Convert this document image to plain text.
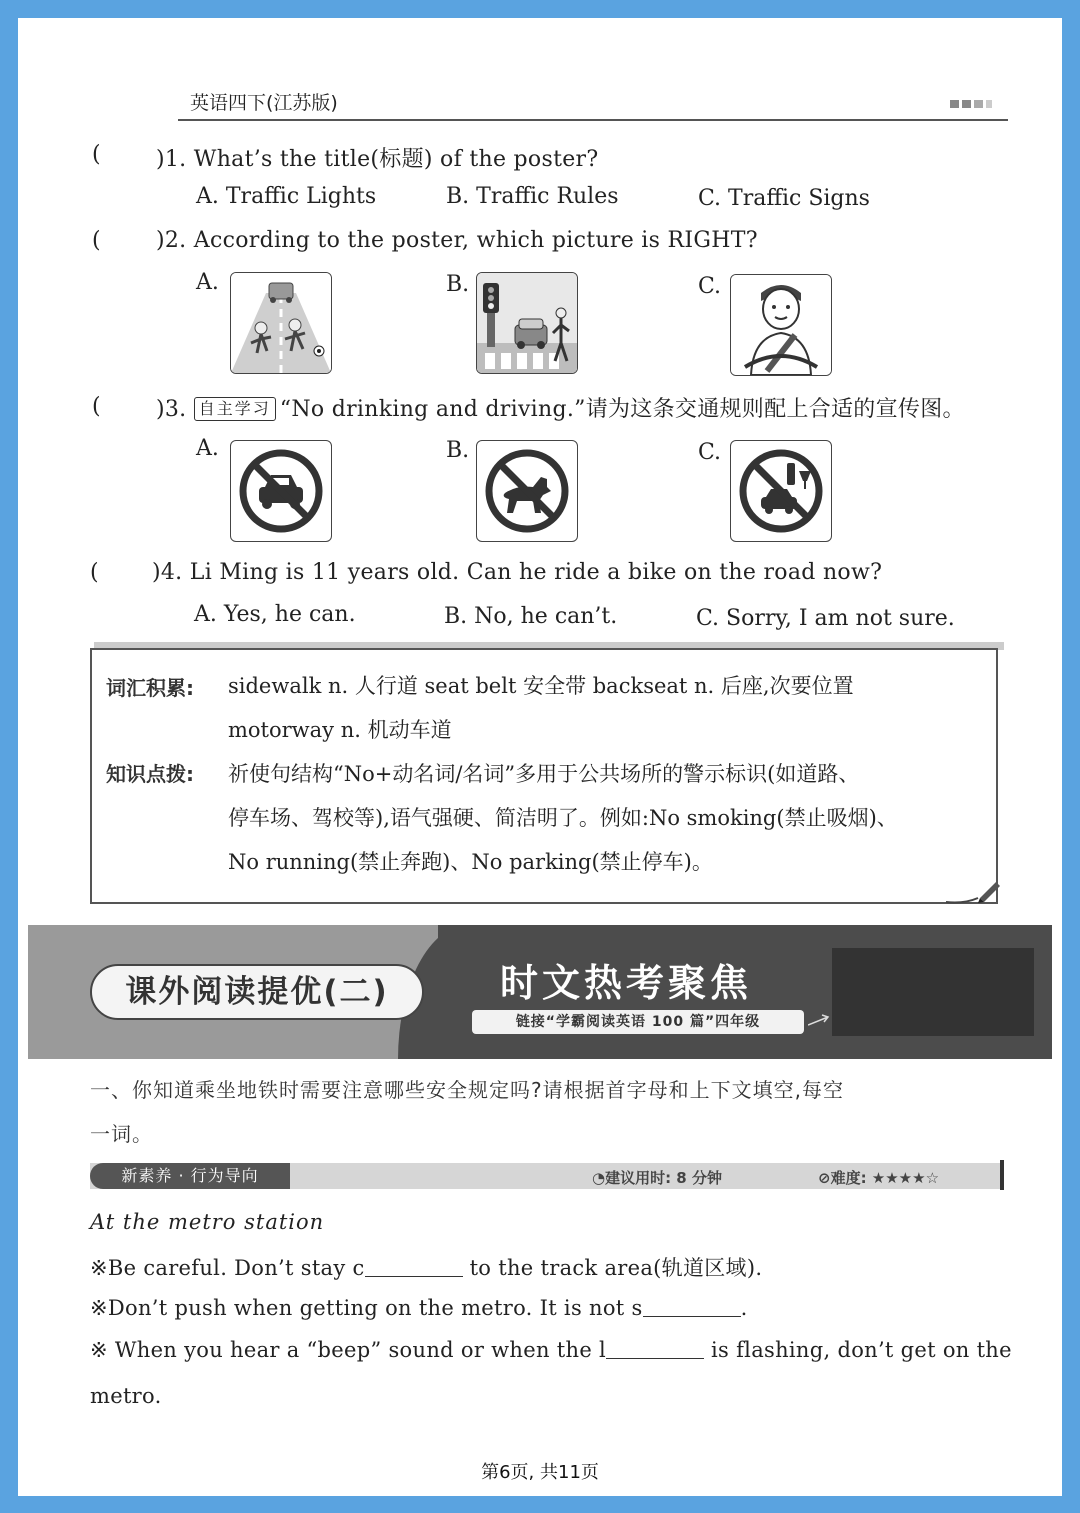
英语四下(江苏版)
(	)1. What’s the title(标题) of the poster?
A. Traffic Lights	B. Traffic Rules	C. Traffic Signs
(	)2. According to the poster, which picture is RIGHT?
A.	B.	C.
(	)3. 自主学习 “No drinking and driving.”请为这条交通规则配上合适的宣传图。
A.	B.	C.
( )4. Li Ming is 11 years old. Can he ride a bike on the road now?
A. Yes, he can.	B. No, he can’t.	C. Sorry, I am not sure.
词汇积累: sidewalk n. 人行道 seat belt 安全带 backseat n. 后座,次要位置
motorway n. 机动车道
知识点拨: 祈使句结构“No+动名词/名词”多用于公共场所的警示标识(如道路、
停车场、驾校等),语气强硬、简洁明了。例如:No smoking(禁止吸烟)、
No running(禁止奔跑)、No parking(禁止停车)。
课外阅读提优(二)	时文热考聚焦
链接“学霸阅读英语 100 篇”四年级
一、你知道乘坐地铁时需要注意哪些安全规定吗?请根据首字母和上下文填空,每空
一词。
新素养 · 行为导向	◔建议用时: 8 分钟	⊘难度: ★★★★☆
At the metro station
※Be careful. Don’t stay c	to the track area(轨道区域).
※Don’t push when getting on the metro. It is not s	.
※ When you hear a “beep” sound or when the l	is flashing, don’t get on the
metro.
第6页, 共11页
